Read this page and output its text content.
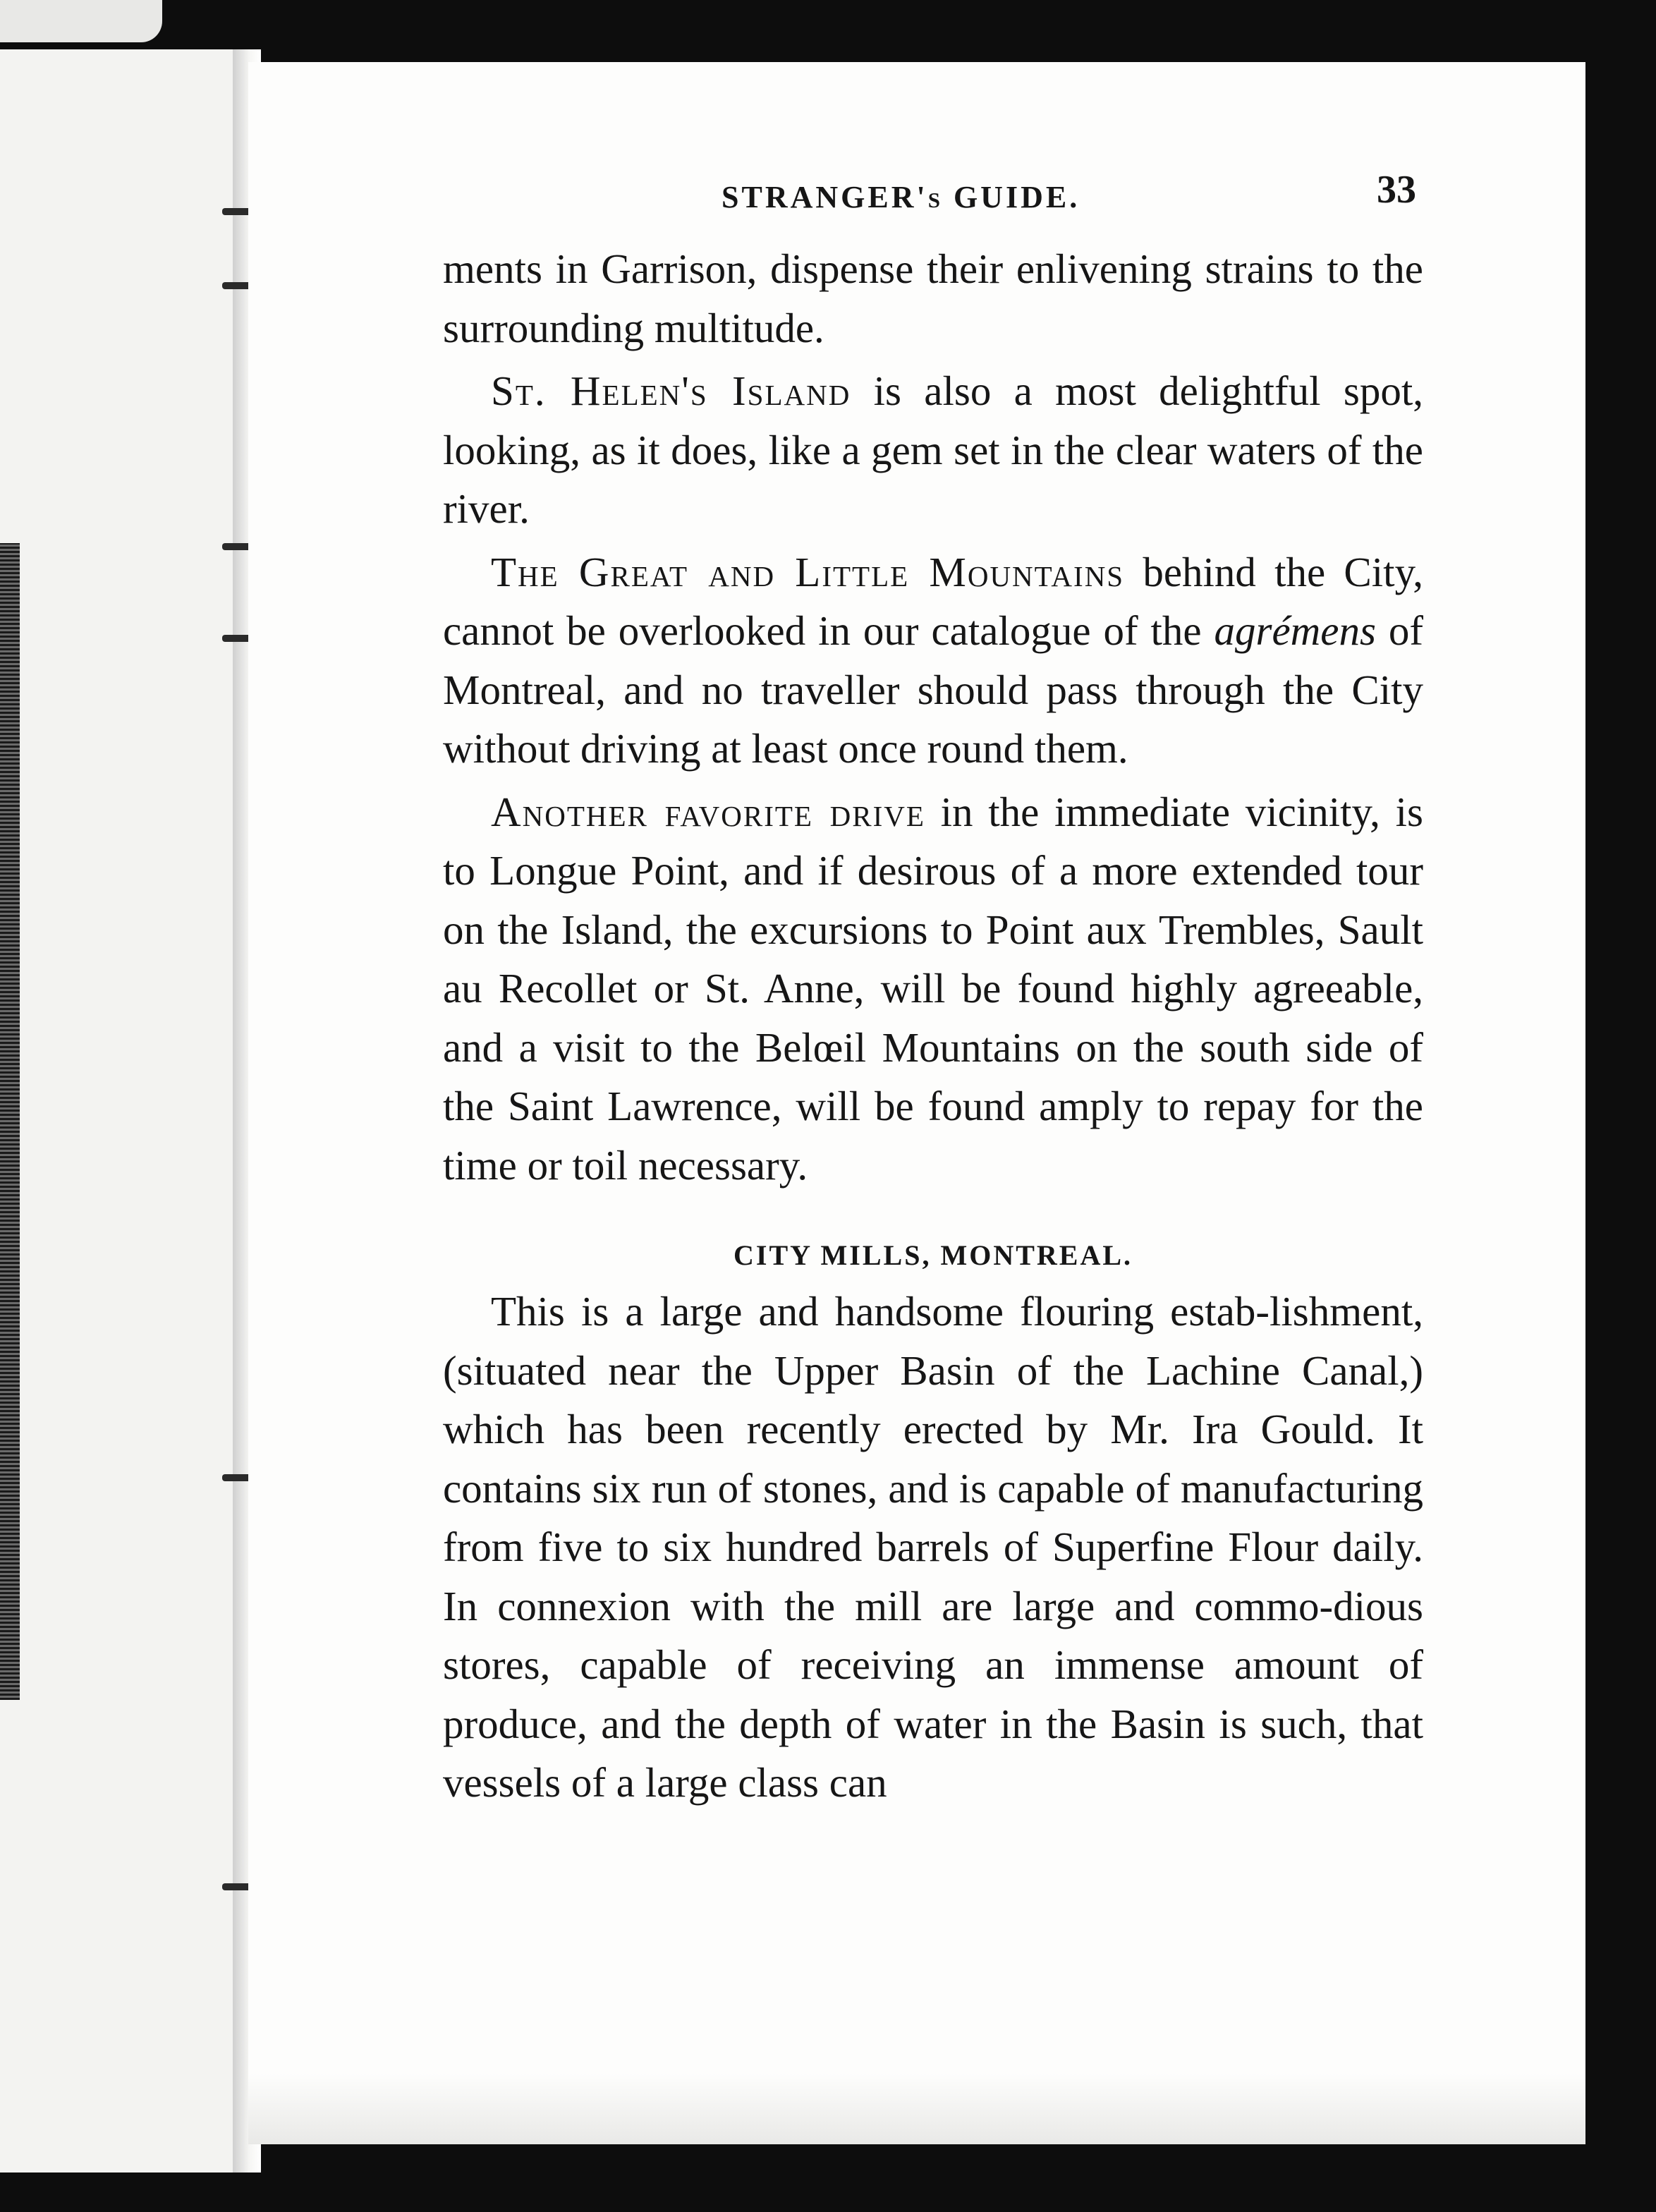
STRANGER's GUIDE.	33

ments in Garrison, dispense their enlivening strains to the surrounding multitude.

St. Helen's Island is also a most delightful spot, looking, as it does, like a gem set in the clear waters of the river.

The Great and Little Mountains behind the City, cannot be overlooked in our catalogue of the agrémens of Montreal, and no traveller should pass through the City without driving at least once round them.

Another favorite drive in the immediate vicinity, is to Longue Point, and if desirous of a more extended tour on the Island, the excursions to Point aux Trembles, Sault au Recollet or St. Anne, will be found highly agreeable, and a visit to the Belœil Mountains on the south side of the Saint Lawrence, will be found amply to repay for the time or toil necessary.

CITY MILLS, MONTREAL.

This is a large and handsome flouring estab-lishment, (situated near the Upper Basin of the Lachine Canal,) which has been recently erected by Mr. Ira Gould. It contains six run of stones, and is capable of manufacturing from five to six hundred barrels of Superfine Flour daily. In connexion with the mill are large and commo-dious stores, capable of receiving an immense amount of produce, and the depth of water in the Basin is such, that vessels of a large class can
